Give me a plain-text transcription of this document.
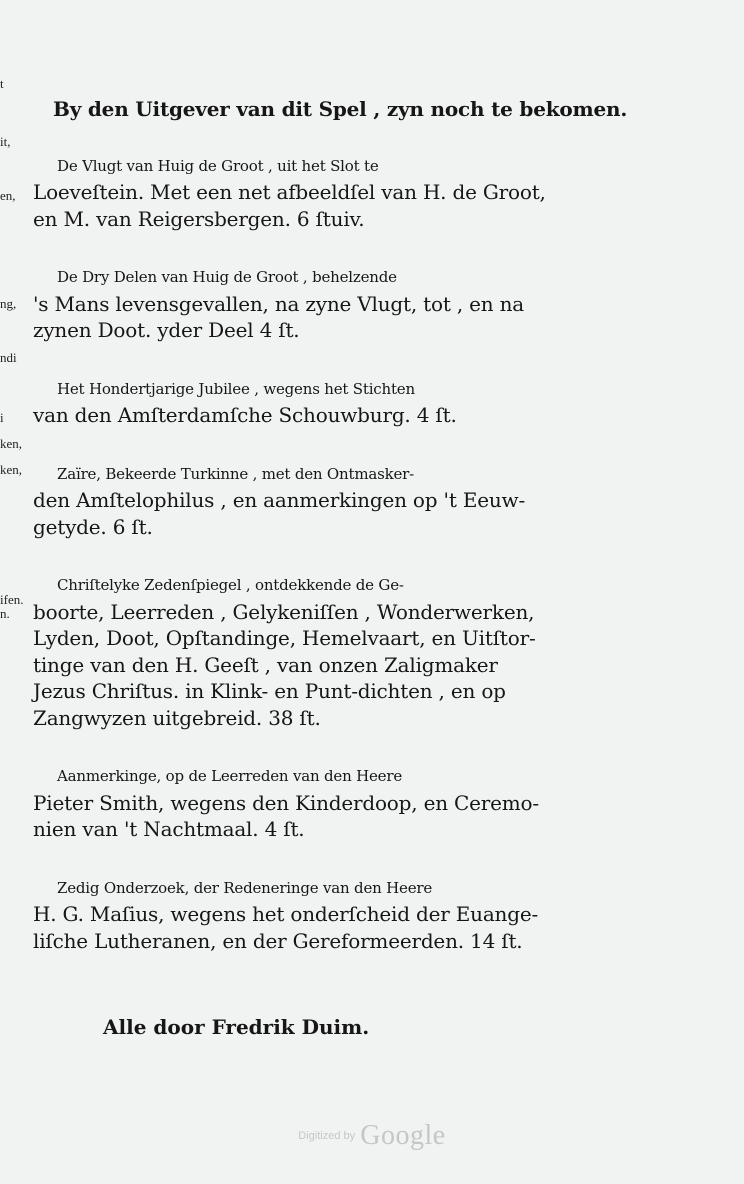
t
it,
en,
ng,
ndi
i
ken,
ken,
ifen.
n.

By den Uitgever van dit Spel , zyn noch te bekomen.

De Vlugt van Huig de Groot , uit het Slot te
Loeveſtein. Met een net afbeeldſel van H. de Groot,
en M. van Reigersbergen. 6 ſtuiv.
De Dry Delen van Huig de Groot , behelzende
's Mans levensgevallen, na zyne Vlugt, tot , en na
zynen Doot. yder Deel 4 ſt.
Het Hondertjarige Jubilee , wegens het Stichten
van den Amſterdamſche Schouwburg. 4 ſt.
Zaïre, Bekeerde Turkinne , met den Ontmasker-
den Amſtelophilus , en aanmerkingen op 't Eeuw-
getyde. 6 ſt.
Chriſtelyke Zedenſpiegel , ontdekkende de Ge-
boorte, Leerreden , Gelykeniſſen , Wonderwerken,
Lyden, Doot, Opſtandinge, Hemelvaart, en Uitſtor-
tinge van den H. Geeſt , van onzen Zaligmaker
Jezus Chriſtus. in Klink- en Punt-dichten , en op
Zangwyzen uitgebreid. 38 ſt.
Aanmerkinge, op de Leerreden van den Heere
Pieter Smith, wegens den Kinderdoop, en Ceremo-
nien van 't Nachtmaal. 4 ſt.
Zedig Onderzoek, der Redeneringe van den Heere
H. G. Maſius, wegens het onderſcheid der Euange-
liſche Lutheranen, en der Gereformeerden. 14 ſt.
Alle door Fredrik Duim.
Digitized by Google
